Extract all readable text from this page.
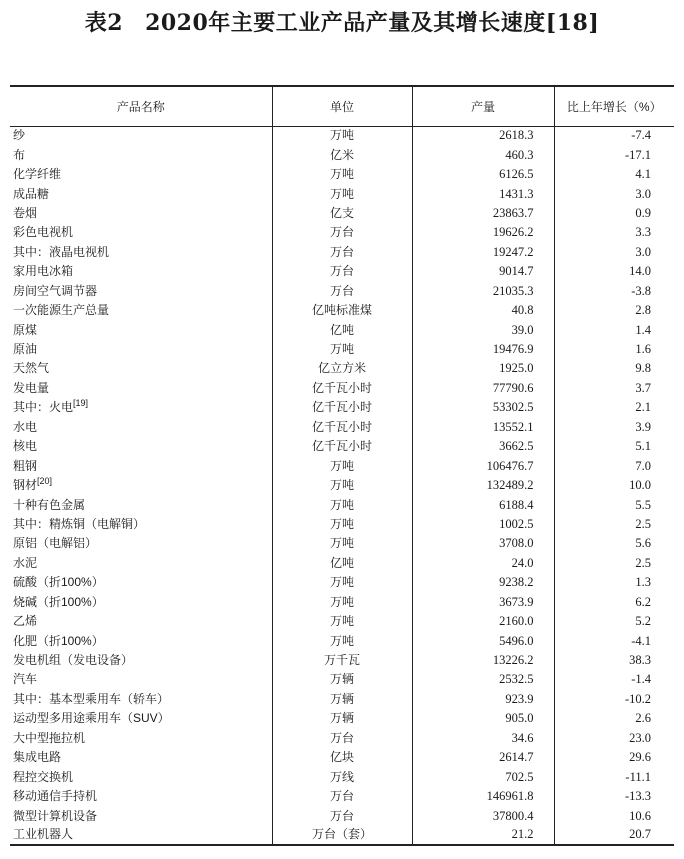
表2 2020年主要工业产品产量及其增长速度[18]
产品名称	单位	产量	比上年增长（%）
纱	万吨	2618.3	-7.4
布	亿米	460.3	-17.1
化学纤维	万吨	6126.5	4.1
成品糖	万吨	1431.3	3.0
卷烟	亿支	23863.7	0.9
彩色电视机	万台	19626.2	3.3
其中：液晶电视机	万台	19247.2	3.0
家用电冰箱	万台	9014.7	14.0
房间空气调节器	万台	21035.3	-3.8
一次能源生产总量	亿吨标准煤	40.8	2.8
原煤	亿吨	39.0	1.4
原油	万吨	19476.9	1.6
天然气	亿立方米	1925.0	9.8
发电量	亿千瓦小时	77790.6	3.7
其中：火电[19]	亿千瓦小时	53302.5	2.1
水电	亿千瓦小时	13552.1	3.9
核电	亿千瓦小时	3662.5	5.1
粗钢	万吨	106476.7	7.0
钢材[20]	万吨	132489.2	10.0
十种有色金属	万吨	6188.4	5.5
其中：精炼铜（电解铜）	万吨	1002.5	2.5
原铝（电解铝）	万吨	3708.0	5.6
水泥	亿吨	24.0	2.5
硫酸（折100%）	万吨	9238.2	1.3
烧碱（折100%）	万吨	3673.9	6.2
乙烯	万吨	2160.0	5.2
化肥（折100%）	万吨	5496.0	-4.1
发电机组（发电设备）	万千瓦	13226.2	38.3
汽车	万辆	2532.5	-1.4
其中：基本型乘用车（轿车）	万辆	923.9	-10.2
运动型多用途乘用车（SUV）	万辆	905.0	2.6
大中型拖拉机	万台	34.6	23.0
集成电路	亿块	2614.7	29.6
程控交换机	万线	702.5	-11.1
移动通信手持机	万台	146961.8	-13.3
微型计算机设备	万台	37800.4	10.6
工业机器人	万台（套）	21.2	20.7
